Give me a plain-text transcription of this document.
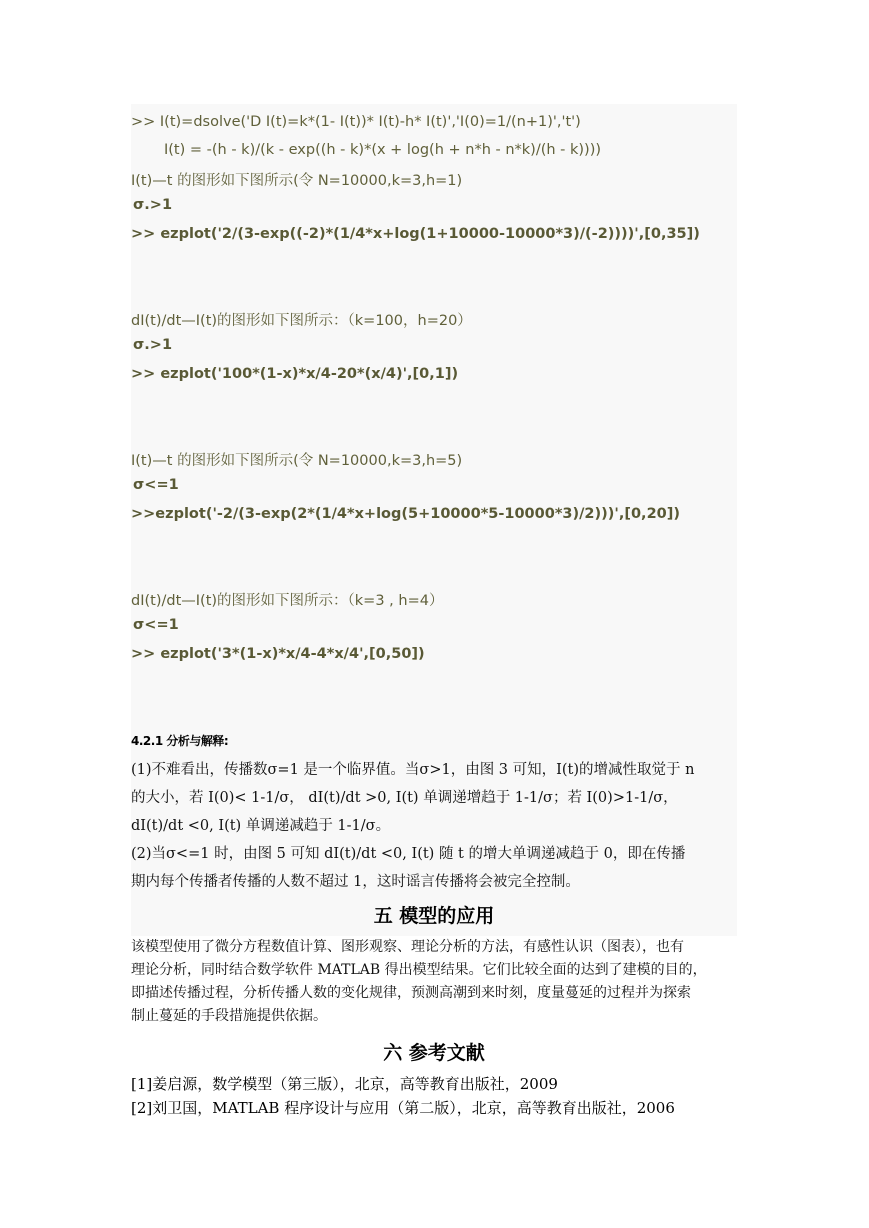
>> I(t)=dsolve('D I(t)=k*(1- I(t))* I(t)-h* I(t)','I(0)=1/(n+1)','t')
I(t) = -(h - k)/(k - exp((h - k)*(x + log(h + n*h - n*k)/(h - k))))
I(t)—t 的图形如下图所示(令 N=10000,k=3,h=1)
σ.>1
>> ezplot('2/(3-exp((-2)*(1/4*x+log(1+10000-10000*3)/(-2))))',[0,35])
dI(t)/dt—I(t)的图形如下图所示：（k=100，h=20）
σ.>1
>> ezplot('100*(1-x)*x/4-20*(x/4)',[0,1])
I(t)—t 的图形如下图所示(令 N=10000,k=3,h=5)
σ<=1
>>ezplot('-2/(3-exp(2*(1/4*x+log(5+10000*5-10000*3)/2)))',[0,20])
dI(t)/dt—I(t)的图形如下图所示：（k=3 , h=4）
σ<=1
>> ezplot('3*(1-x)*x/4-4*x/4',[0,50])
4.2.1 分析与解释:
(1)不难看出，传播数σ=1 是一个临界值。当σ>1，由图 3 可知，I(t)的增减性取觉于 n
的大小，若 I(0)< 1-1/σ， dI(t)/dt >0, I(t) 单调递增趋于 1-1/σ；若 I(0)>1-1/σ，
dI(t)/dt <0, I(t) 单调递减趋于 1-1/σ。
(2)当σ<=1 时，由图 5 可知 dI(t)/dt <0, I(t) 随 t 的增大单调递减趋于 0，即在传播
期内每个传播者传播的人数不超过 1，这时谣言传播将会被完全控制。
五 模型的应用
该模型使用了微分方程数值计算、图形观察、理论分析的方法，有感性认识（图表），也有
理论分析，同时结合数学软件 MATLAB 得出模型结果。它们比较全面的达到了建模的目的，
即描述传播过程，分析传播人数的变化规律，预测高潮到来时刻，度量蔓延的过程并为探索
制止蔓延的手段措施提供依据。
六 参考文献
[1]姜启源，数学模型（第三版），北京，高等教育出版社，2009
[2]刘卫国，MATLAB 程序设计与应用（第二版），北京，高等教育出版社，2006
